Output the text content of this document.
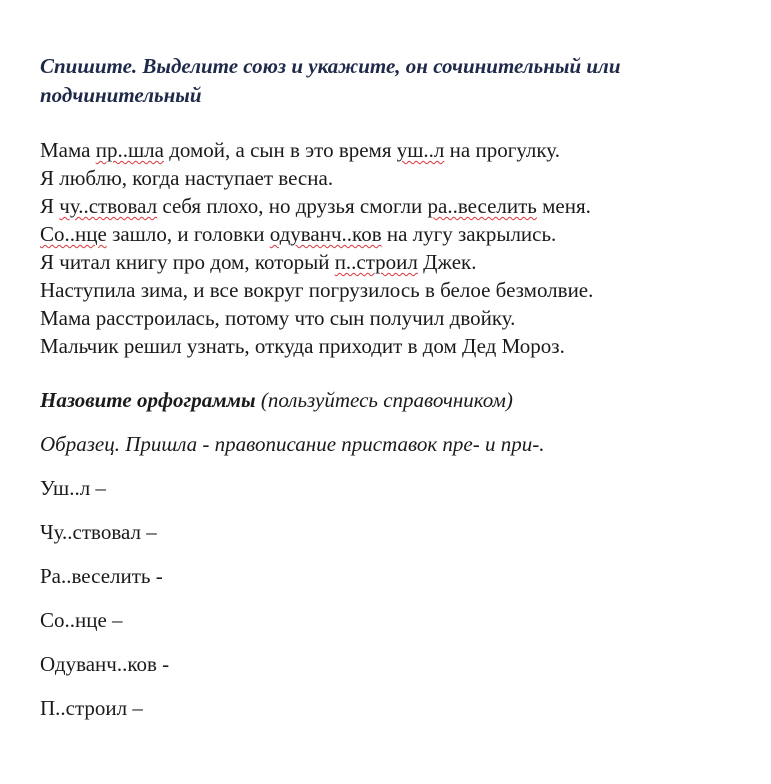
Спишите. Выделите союз и укажите, он сочинительный или подчинительный

Мама пр..шла домой, а сын в это время уш..л на прогулку.
Я люблю, когда наступает весна.
Я чу..ствовал себя плохо, но друзья смогли ра..веселить меня.
Со..нце зашло, и головки одуванч..ков на лугу закрылись.
Я читал книгу про дом, который п..строил Джек.
Наступила зима, и все вокруг погрузилось в белое безмолвие.
Мама расстроилась, потому что сын получил двойку.
Мальчик решил узнать, откуда приходит в дом Дед Мороз.
Назовите орфограммы (пользуйтесь справочником)
Образец. Пришла - правописание приставок пре- и при-.
Уш..л –
Чу..ствовал –
Ра..веселить -
Со..нце –
Одуванч..ков -
П..строил –
